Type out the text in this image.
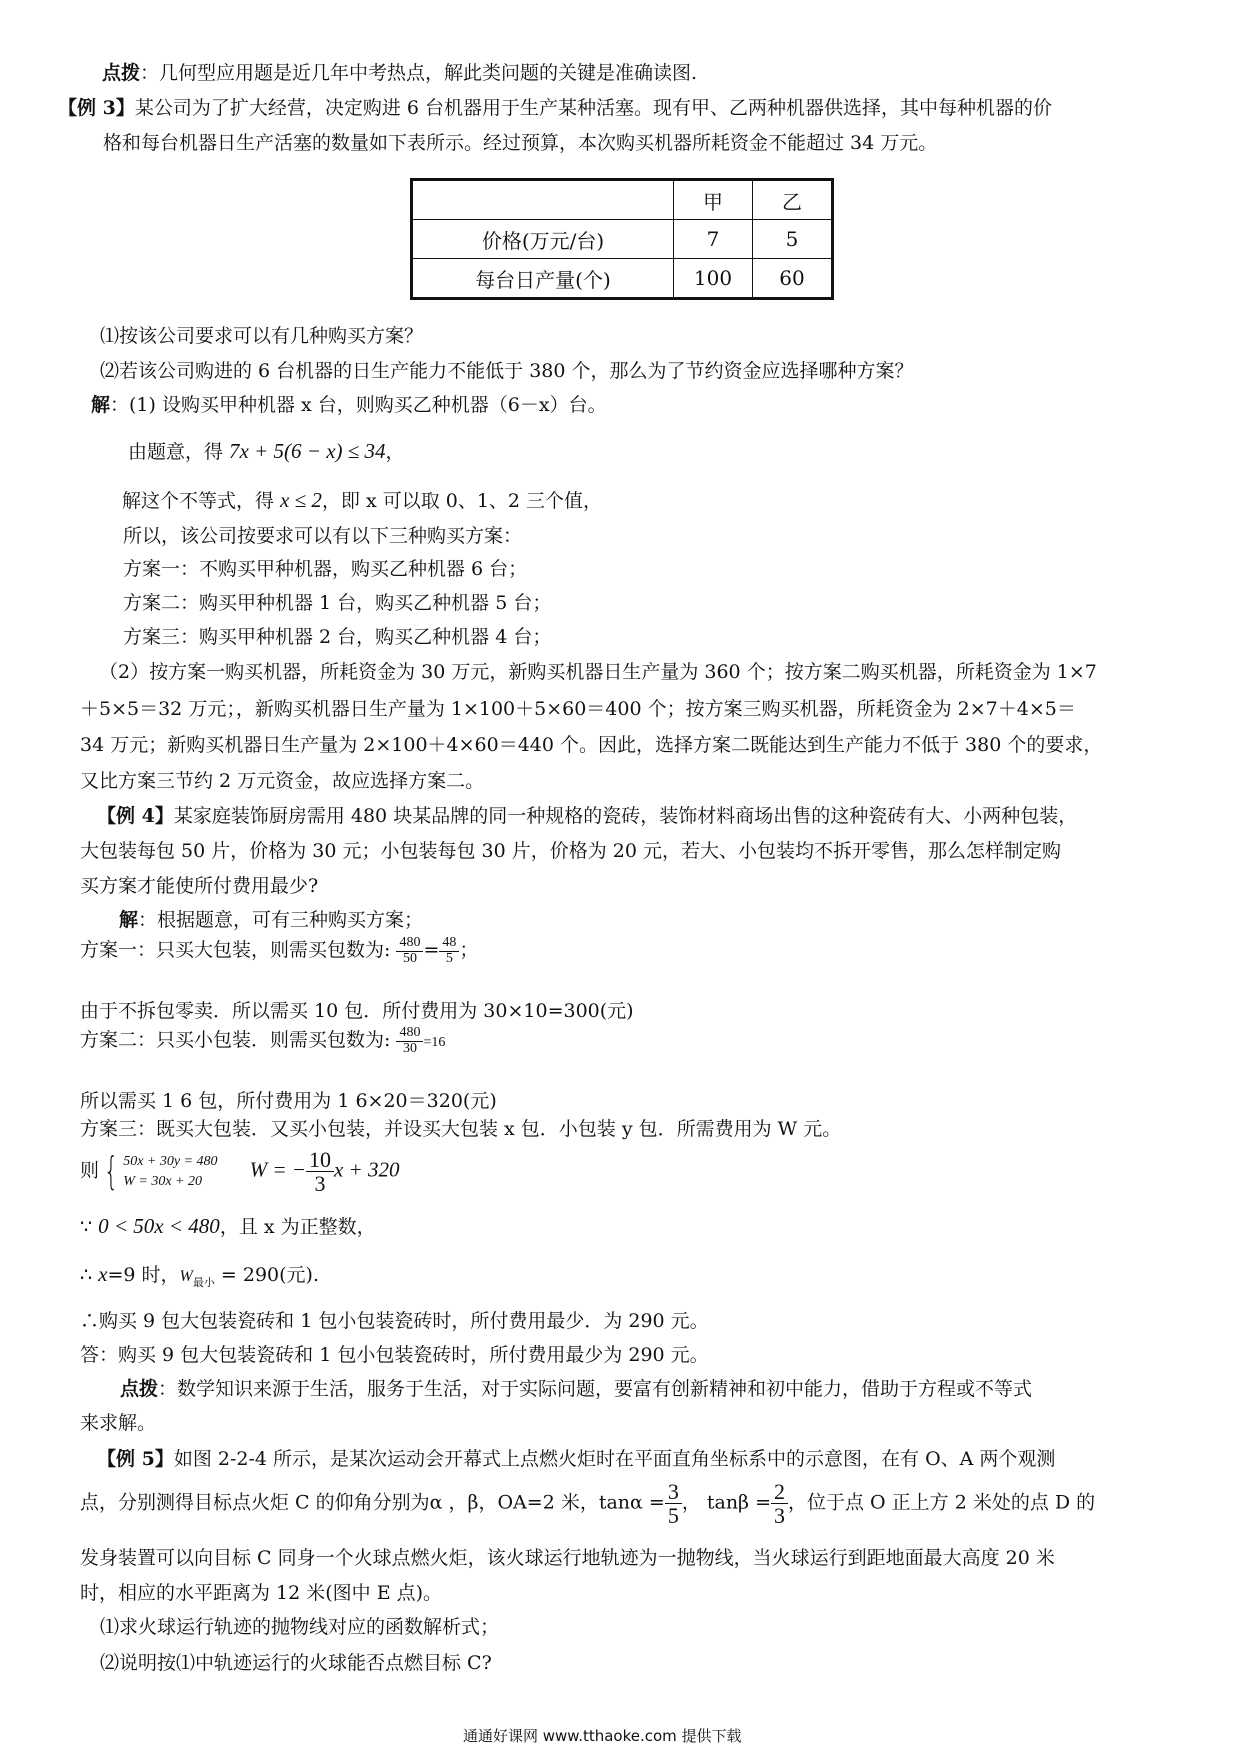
点拨：几何型应用题是近几年中考热点，解此类问题的关键是准确读图.
【例 3】某公司为了扩大经营，决定购进 6 台机器用于生产某种活塞。现有甲、乙两种机器供选择，其中每种机器的价
格和每台机器日生产活塞的数量如下表所示。经过预算，本次购买机器所耗资金不能超过 34 万元。
	甲	乙
价格(万元/台)	7	5
每台日产量(个)	100	60
⑴按该公司要求可以有几种购买方案？
⑵若该公司购进的 6 台机器的日生产能力不能低于 380 个，那么为了节约资金应选择哪种方案？
解：(1) 设购买甲种机器 x 台，则购买乙种机器（6－x）台。
由题意，得 7x + 5(6 − x) ≤ 34，
解这个不等式，得 x ≤ 2，即 x 可以取 0、1、2 三个值，
所以，该公司按要求可以有以下三种购买方案：
方案一：不购买甲种机器，购买乙种机器 6 台；
方案二：购买甲种机器 1 台，购买乙种机器 5 台；
方案三：购买甲种机器 2 台，购买乙种机器 4 台；
（2）按方案一购买机器，所耗资金为 30 万元，新购买机器日生产量为 360 个；按方案二购买机器，所耗资金为 1×7
＋5×5＝32 万元；，新购买机器日生产量为 1×100＋5×60＝400 个；按方案三购买机器，所耗资金为 2×7＋4×5＝
34 万元；新购买机器日生产量为 2×100＋4×60＝440 个。因此，选择方案二既能达到生产能力不低于 380 个的要求，
又比方案三节约 2 万元资金，故应选择方案二。
【例 4】某家庭装饰厨房需用 480 块某品牌的同一种规格的瓷砖，装饰材料商场出售的这种瓷砖有大、小两种包装，
大包装每包 50 片，价格为 30 元；小包装每包 30 片，价格为 20 元，若大、小包装均不拆开零售，那么怎样制定购
买方案才能使所付费用最少?
解：根据题意，可有三种购买方案；
方案一：只买大包装，则需买包数为: $\frac{480}{50} = \frac{48}{5}$ ；
由于不拆包零卖．所以需买 10 包．所付费用为 30×10=300(元)
方案二：只买小包装．则需买包数为: $\frac{480}{30} =16$
所以需买 1 6 包，所付费用为 1 6×20＝320(元)
方案三：既买大包装．又买小包装，并设买大包装 x 包．小包装 y 包．所需费用为 W 元。
则 { 50x + 30y = 480
W = 30x + 20	W = − $\frac{10}{3}$ x + 320
∵ 0 < 50x < 480，且 x 为正整数，
∴ x=9 时，$W_{最小} = 290$(元).
∴购买 9 包大包装瓷砖和 1 包小包装瓷砖时，所付费用最少．为 290 元。
答：购买 9 包大包装瓷砖和 1 包小包装瓷砖时，所付费用最少为 290 元。
点拨：数学知识来源于生活，服务于生活，对于实际问题，要富有创新精神和初中能力，借助于方程或不等式
来求解。
【例 5】如图 2-2-4 所示，是某次运动会开幕式上点燃火炬时在平面直角坐标系中的示意图，在有 O、A 两个观测
点，分别测得目标点火炬 C 的仰角分别为α ，β，OA=2 米，$\tan\alpha = \frac{3}{5}$ ， $\tan\beta = \frac{2}{3}$ ，位于点 O 正上方 2 米处的点 D 的
发身装置可以向目标 C 同身一个火球点燃火炬，该火球运行地轨迹为一抛物线，当火球运行到距地面最大高度 20 米
时，相应的水平距离为 12 米(图中 E 点)。
⑴求火球运行轨迹的抛物线对应的函数解析式；
⑵说明按⑴中轨迹运行的火球能否点燃目标 C?
通通好课网 www.tthaoke.com 提供下载
